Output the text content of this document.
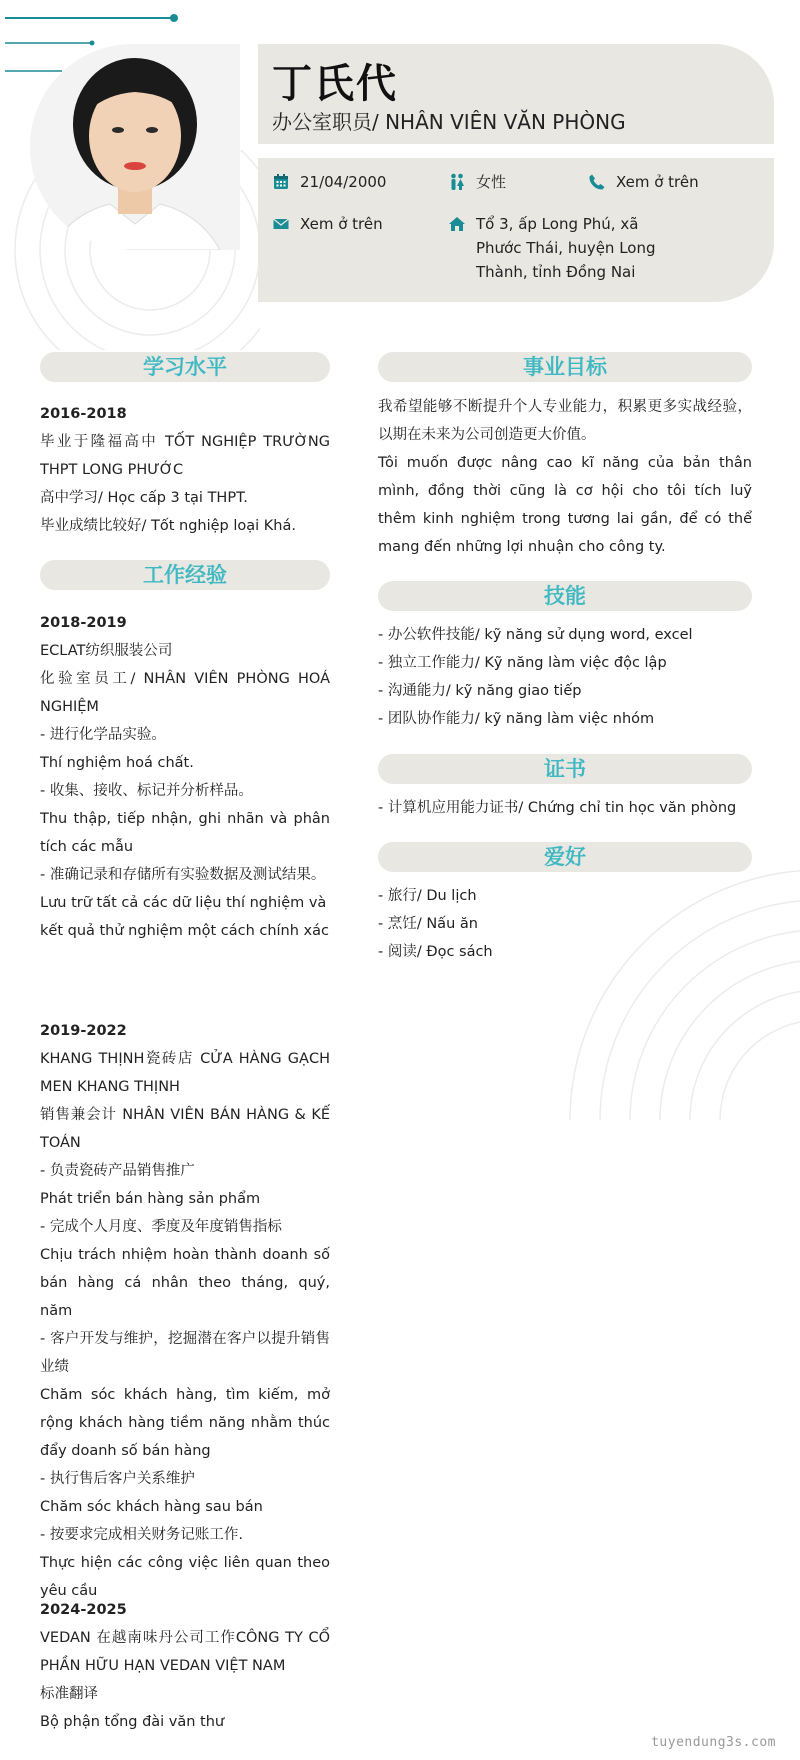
丁氏代
办公室职员/ NHÂN VIÊN VĂN PHÒNG
21/04/2000	女性	Xem ở trên
Xem ở trên	Tổ 3, ấp Long Phú, xã Phước Thái, huyện Long Thành, tỉnh Đồng Nai
学习水平

2016-2018

毕业于隆福高中 TỐT NGHIỆP TRƯỜNG THPT LONG PHƯỚC

高中学习/ Học cấp 3 tại THPT.

毕业成绩比较好/ Tốt nghiệp loại Khá.

工作经验

2018-2019

ECLAT纺织服装公司

化验室员工/ NHÂN VIÊN PHÒNG HOÁ NGHIỆM

- 进行化学品实验。

Thí nghiệm hoá chất.

- 收集、接收、标记并分析样品。

Thu thập, tiếp nhận, ghi nhãn và phân tích các mẫu

- 准确记录和存储所有实验数据及测试结果。

Lưu trữ tất cả các dữ liệu thí nghiệm và kết quả thử nghiệm một cách chính xác

2019-2022

KHANG THỊNH瓷砖店 CỬA HÀNG GẠCH MEN KHANG THỊNH

销售兼会计 NHÂN VIÊN BÁN HÀNG & KẾ TOÁN

- 负责瓷砖产品销售推广

Phát triển bán hàng sản phẩm

- 完成个人月度、季度及年度销售指标

Chịu trách nhiệm hoàn thành doanh số bán hàng cá nhân theo tháng, quý, năm

- 客户开发与维护，挖掘潜在客户以提升销售业绩

Chăm sóc khách hàng, tìm kiếm, mở rộng khách hàng tiềm năng nhằm thúc đẩy doanh số bán hàng

- 执行售后客户关系维护

Chăm sóc khách hàng sau bán

- 按要求完成相关财务记账工作.

Thực hiện các công việc liên quan theo yêu cầu

2024-2025

VEDAN 在越南味丹公司工作CÔNG TY CỔ PHẦN HỮU HẠN VEDAN VIỆT NAM

标准翻译

Bộ phận tổng đài văn thư

事业目标

我希望能够不断提升个人专业能力，积累更多实战经验，以期在未来为公司创造更大价值。

Tôi muốn được nâng cao kĩ năng của bản thân mình, đồng thời cũng là cơ hội cho tôi tích luỹ thêm kinh nghiệm trong tương lai gần, để có thể mang đến những lợi nhuận cho công ty.

技能

- 办公软件技能/ kỹ năng sử dụng word, excel

- 独立工作能力/ Kỹ năng làm việc độc lập

- 沟通能力/ kỹ năng giao tiếp

- 团队协作能力/ kỹ năng làm việc nhóm

证书

- 计算机应用能力证书/ Chứng chỉ tin học văn phòng

爱好

- 旅行/ Du lịch

- 烹饪/ Nấu ăn

- 阅读/ Đọc sách

tuyendung3s.com
